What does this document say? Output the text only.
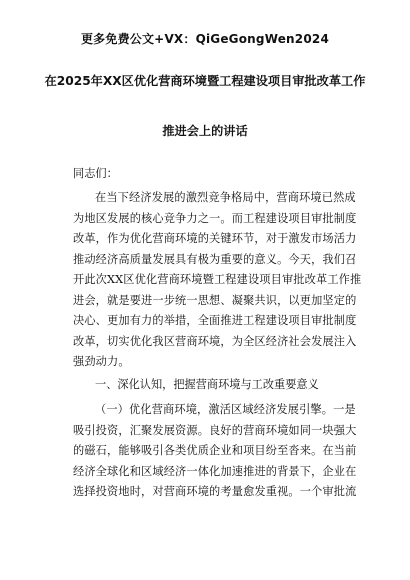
更多免费公文+VX：QiGeGongWen2024
在2025年XX区优化营商环境暨工程建设项目审批改革工作
推进会上的讲话
同志们：
在当下经济发展的激烈竞争格局中，营商环境已然成
为地区发展的核心竞争力之一。而工程建设项目审批制度
改革，作为优化营商环境的关键环节，对于激发市场活力
推动经济高质量发展具有极为重要的意义。今天，我们召
开此次XX区优化营商环境暨工程建设项目审批改革工作推
进会，就是要进一步统一思想、凝聚共识，以更加坚定的
决心、更加有力的举措，全面推进工程建设项目审批制度
改革，切实优化我区营商环境，为全区经济社会发展注入
强劲动力。
一、深化认知，把握营商环境与工改重要意义
（一）优化营商环境，激活区域经济发展引擎。一是
吸引投资，汇聚发展资源。良好的营商环境如同一块强大
的磁石，能够吸引各类优质企业和项目纷至沓来。在当前
经济全球化和区域经济一体化加速推进的背景下，企业在
选择投资地时，对营商环境的考量愈发重视。一个审批流
